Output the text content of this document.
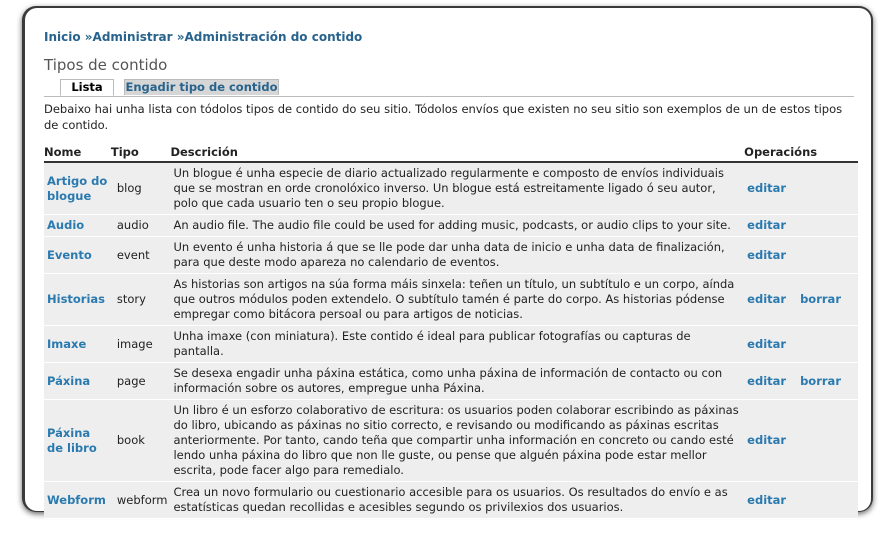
Inicio »Administrar »Administración do contido
Tipos de contido
Lista	Engadir tipo de contido
Debaixo hai unha lista con tódolos tipos de contido do seu sitio. Tódolos envíos que existen no seu sitio son exemplos de un de estos tipos de contido.
Nome	Tipo	Descrición	Operacións
Artigo do blogue	blog	Un blogue é unha especie de diario actualizado regularmente e composto de envíos individuais que se mostran en orde cronolóxico inverso. Un blogue está estreitamente ligado ó seu autor, polo que cada usuario ten o seu propio blogue.	editar
Audio	audio	An audio file. The audio file could be used for adding music, podcasts, or audio clips to your site.	editar
Evento	event	Un evento é unha historia á que se lle pode dar unha data de inicio e unha data de finalización, para que deste modo apareza no calendario de eventos.	editar
Historias	story	As historias son artigos na súa forma máis sinxela: teñen un título, un subtítulo e un corpo, aínda que outros módulos poden extendelo. O subtítulo tamén é parte do corpo. As historias pódense empregar como bitácora persoal ou para artigos de noticias.	editar borrar
Imaxe	image	Unha imaxe (con miniatura). Este contido é ideal para publicar fotografías ou capturas de pantalla.	editar
Páxina	page	Se desexa engadir unha páxina estática, como unha páxina de información de contacto ou con información sobre os autores, empregue unha Páxina.	editar borrar
Páxina de libro	book	Un libro é un esforzo colaborativo de escritura: os usuarios poden colaborar escribindo as páxinas do libro, ubicando as páxinas no sitio correcto, e revisando ou modificando as páxinas escritas anteriormente. Por tanto, cando teña que compartir unha información en concreto ou cando esté lendo unha páxina do libro que non lle guste, ou pense que alguén páxina pode estar mellor escrita, pode facer algo para remedialo.	editar
Webform	webform	Crea un novo formulario ou cuestionario accesible para os usuarios. Os resultados do envío e as estatísticas quedan recollidas e acesibles segundo os privilexios dos usuarios.	editar
